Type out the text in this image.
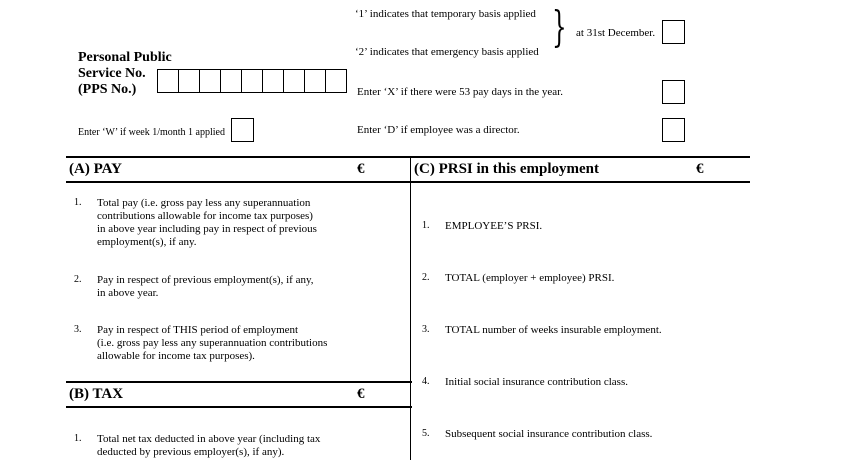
‘1’ indicates that temporary basis applied } at 31st December.
‘2’ indicates that emergency basis applied
Personal Public
Service No.
(PPS No.)	Enter ‘X’ if there were 53 pay days in the year.
Enter ‘W’ if week 1/month 1 applied	Enter ‘D’ if employee was a director.
(A) PAY	€
1. Total pay (i.e. gross pay less any superannuation
contributions allowable for income tax purposes)
in above year including pay in respect of previous
employment(s), if any.
2. Pay in respect of previous employment(s), if any,
in above year.
3. Pay in respect of THIS period of employment
(i.e. gross pay less any superannuation contributions
allowable for income tax purposes).
(B) TAX	€
1. Total net tax deducted in above year (including tax
deducted by previous employer(s), if any).
(C) PRSI in this employment	€
1. EMPLOYEE’S PRSI.
2. TOTAL (employer + employee) PRSI.
3. TOTAL number of weeks insurable employment.
4. Initial social insurance contribution class.
5. Subsequent social insurance contribution class.
